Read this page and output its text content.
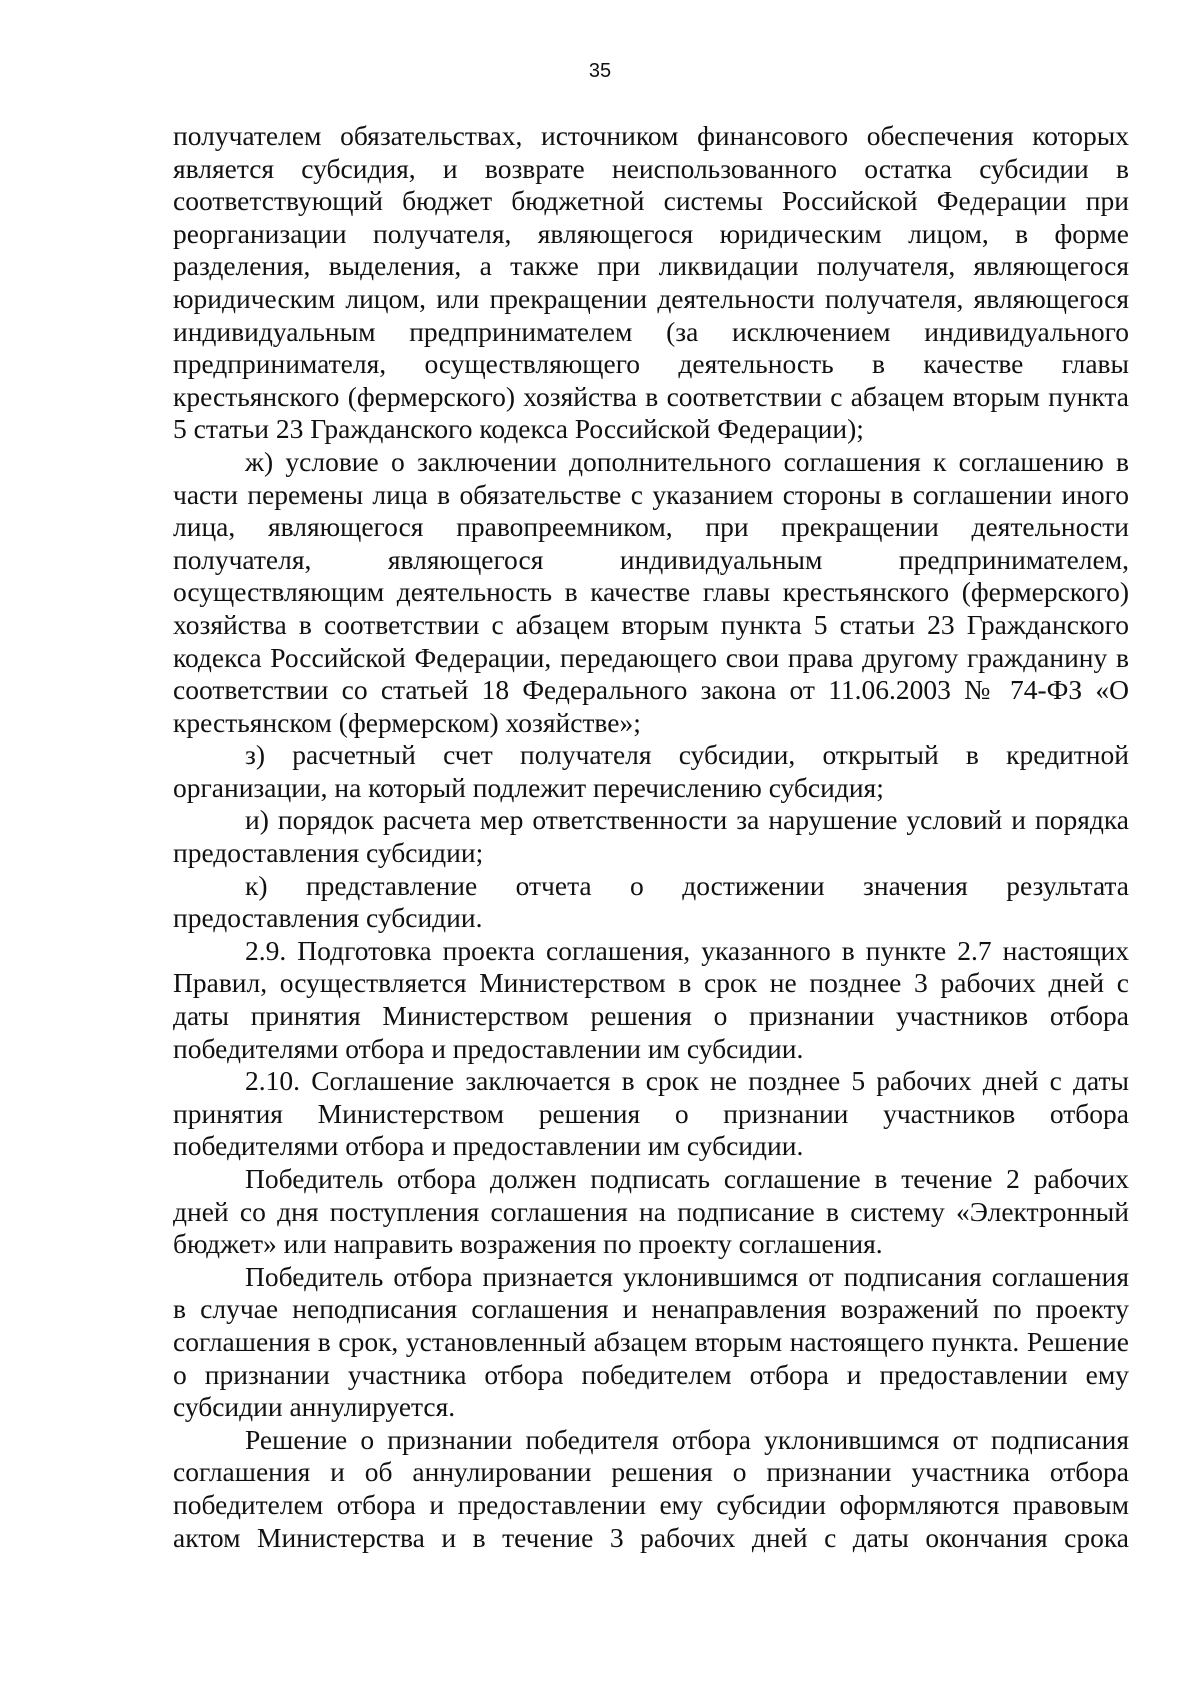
35

получателем обязательствах, источником финансового обеспечения которых является субсидия, и возврате неиспользованного остатка субсидии в соответствующий бюджет бюджетной системы Российской Федерации при реорганизации получателя, являющегося юридическим лицом, в форме разделения, выделения, а также при ликвидации получателя, являющегося юридическим лицом, или прекращении деятельности получателя, являющегося индивидуальным предпринимателем (за исключением индивидуального предпринимателя, осуществляющего деятельность в качестве главы крестьянского (фермерского) хозяйства в соответствии с абзацем вторым пункта 5 статьи 23 Гражданского кодекса Российской Федерации);

ж) условие о заключении дополнительного соглашения к соглашению в части перемены лица в обязательстве с указанием стороны в соглашении иного лица, являющегося правопреемником, при прекращении деятельности получателя, являющегося индивидуальным предпринимателем, осуществляющим деятельность в качестве главы крестьянского (фермерского) хозяйства в соответствии с абзацем вторым пункта 5 статьи 23 Гражданского кодекса Российской Федерации, передающего свои права другому гражданину в соответствии со статьей 18 Федерального закона от 11.06.2003 № 74-ФЗ «О крестьянском (фермерском) хозяйстве»;

з) расчетный счет получателя субсидии, открытый в кредитной организации, на который подлежит перечислению субсидия;

и) порядок расчета мер ответственности за нарушение условий и порядка предоставления субсидии;

к) представление отчета о достижении значения результата предоставления субсидии.

2.9. Подготовка проекта соглашения, указанного в пункте 2.7 настоящих Правил, осуществляется Министерством в срок не позднее 3 рабочих дней с даты принятия Министерством решения о признании участников отбора победителями отбора и предоставлении им субсидии.

2.10. Соглашение заключается в срок не позднее 5 рабочих дней с даты принятия Министерством решения о признании участников отбора победителями отбора и предоставлении им субсидии.

Победитель отбора должен подписать соглашение в течение 2 рабочих дней со дня поступления соглашения на подписание в систему «Электронный бюджет» или направить возражения по проекту соглашения.

Победитель отбора признается уклонившимся от подписания соглашения в случае неподписания соглашения и ненаправления возражений по проекту соглашения в срок, установленный абзацем вторым настоящего пункта. Решение о признании участника отбора победителем отбора и предоставлении ему субсидии аннулируется.

Решение о признании победителя отбора уклонившимся от подписания соглашения и об аннулировании решения о признании участника отбора победителем отбора и предоставлении ему субсидии оформляются правовым актом Министерства и в течение 3 рабочих дней с даты окончания срока
